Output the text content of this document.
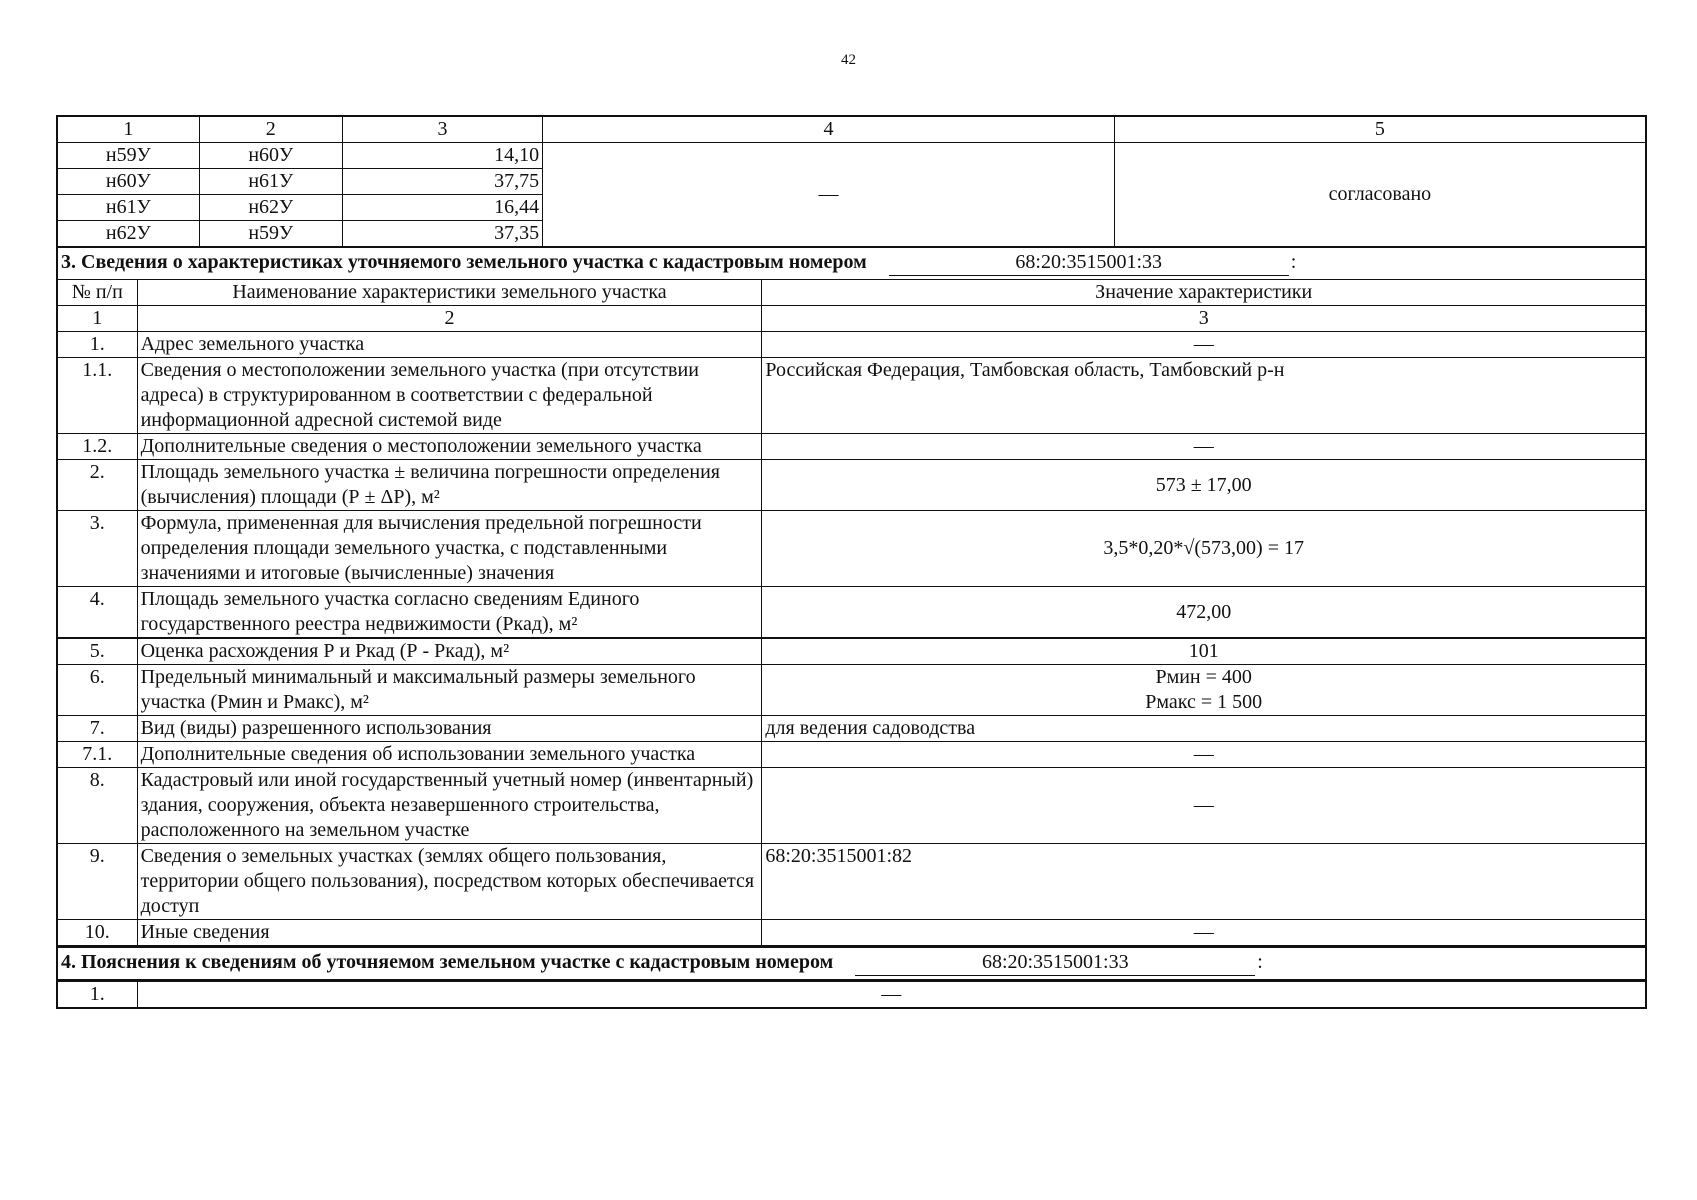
42
1	2	3	4	5
н59У	н60У	14,10	—	согласовано
н60У	н61У	37,75		
н61У	н62У	16,44		
н62У	н59У	37,35		
3. Сведения о характеристиках уточняемого земельного участка с кадастровым номером	68:20:3515001:33	:
№ п/п	Наименование характеристики земельного участка	Значение характеристики
1	2	3
1.	Адрес земельного участка	—
1.1.	Сведения о местоположении земельного участка (при отсутствии адреса) в структурированном в соответствии с федеральной информационной адресной системой виде	Российская Федерация, Тамбовская область, Тамбовский р-н
1.2.	Дополнительные сведения о местоположении земельного участка	—
2.	Площадь земельного участка ± величина погрешности определения (вычисления) площади (Р ± ΔР), м²	573 ± 17,00
3.	Формула, примененная для вычисления предельной погрешности определения площади земельного участка, с подставленными значениями и итоговые (вычисленные) значения	3,5*0,20*√(573,00) = 17
4.	Площадь земельного участка согласно сведениям Единого государственного реестра недвижимости (Ркад), м²	472,00
5.	Оценка расхождения Р и Ркад (Р - Ркад), м²	101
6.	Предельный минимальный и максимальный размеры земельного участка (Рмин и Рмакс), м²	Рмин = 400
Рмакс = 1 500
7.	Вид (виды) разрешенного использования	для ведения садоводства
7.1.	Дополнительные сведения об использовании земельного участка	—
8.	Кадастровый или иной государственный учетный номер (инвентарный) здания, сооружения, объекта незавершенного строительства, расположенного на земельном участке	—
9.	Сведения о земельных участках (землях общего пользования, территории общего пользования), посредством которых обеспечивается доступ	68:20:3515001:82
10.	Иные сведения	—
4. Пояснения к сведениям об уточняемом земельном участке с кадастровым номером	68:20:3515001:33	:
1.	—
